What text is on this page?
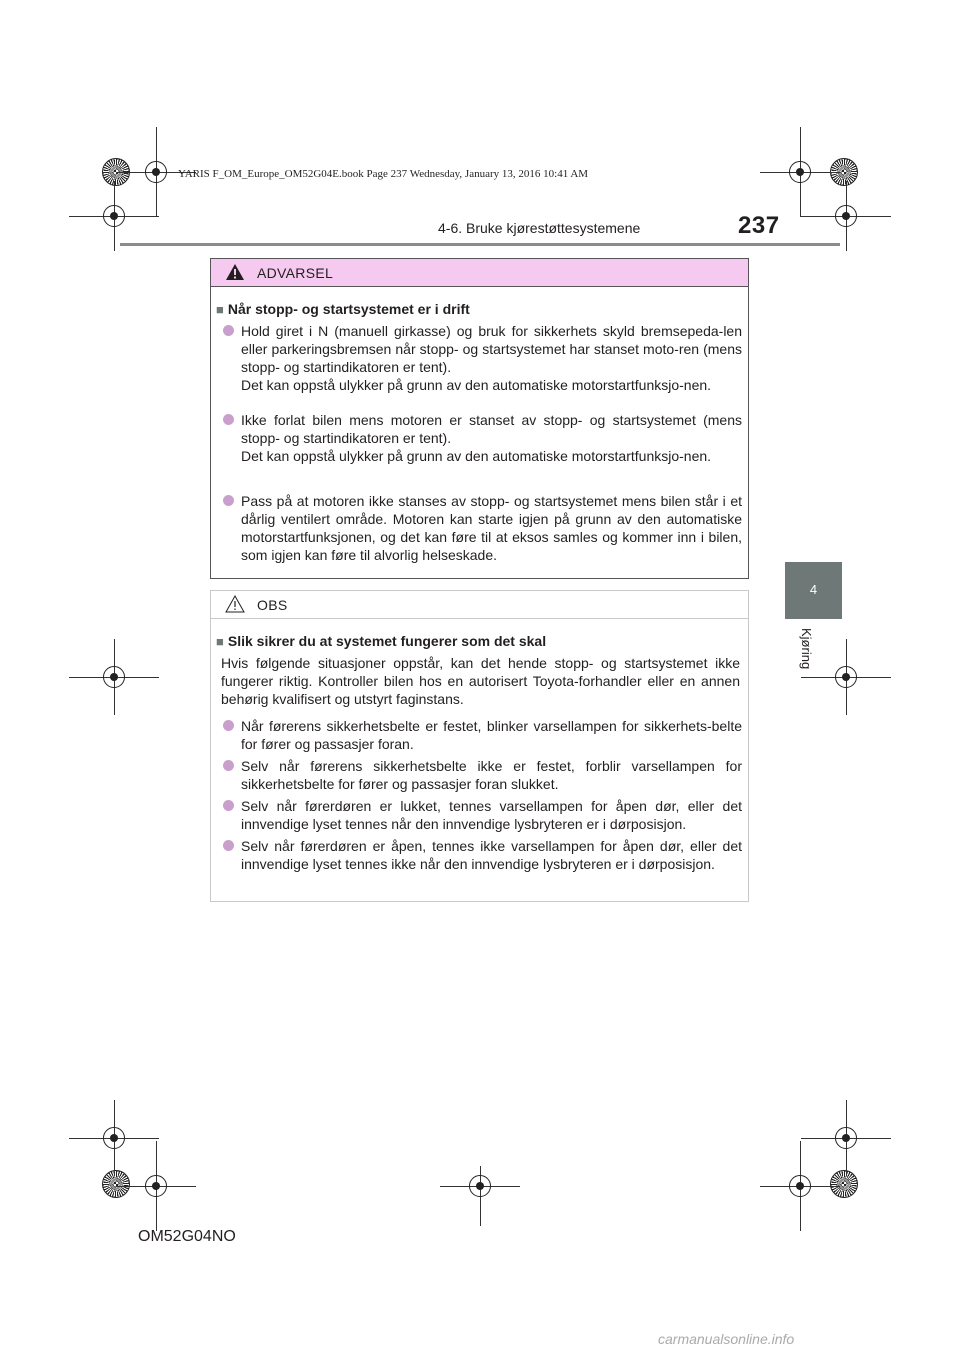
YARIS F_OM_Europe_OM52G04E.book Page 237 Wednesday, January 13, 2016 10:41 AM
4-6. Bruke kjørestøttesystemene	237
4
Kjøring
ADVARSEL
■ Når stopp- og startsystemet er i drift
Hold giret i N (manuell girkasse) og bruk for sikkerhets skyld bremsepeda-len eller parkeringsbremsen når stopp- og startsystemet har stanset moto-ren (mens stopp- og startindikatoren er tent).
Det kan oppstå ulykker på grunn av den automatiske motorstartfunksjo-nen.
Ikke forlat bilen mens motoren er stanset av stopp- og startsystemet (mens stopp- og startindikatoren er tent).
Det kan oppstå ulykker på grunn av den automatiske motorstartfunksjo-nen.
Pass på at motoren ikke stanses av stopp- og startsystemet mens bilen står i et dårlig ventilert område. Motoren kan starte igjen på grunn av den automatiske motorstartfunksjonen, og det kan føre til at eksos samles og kommer inn i bilen, som igjen kan føre til alvorlig helseskade.
OBS
■ Slik sikrer du at systemet fungerer som det skal
Hvis følgende situasjoner oppstår, kan det hende stopp- og startsystemet ikke fungerer riktig. Kontroller bilen hos en autorisert Toyota-forhandler eller en annen behørig kvalifisert og utstyrt faginstans.
Når førerens sikkerhetsbelte er festet, blinker varsellampen for sikkerhets-belte for fører og passasjer foran.
Selv når førerens sikkerhetsbelte ikke er festet, forblir varsellampen for sikkerhetsbelte for fører og passasjer foran slukket.
Selv når førerdøren er lukket, tennes varsellampen for åpen dør, eller det innvendige lyset tennes når den innvendige lysbryteren er i dørposisjon.
Selv når førerdøren er åpen, tennes ikke varsellampen for åpen dør, eller det innvendige lyset tennes ikke når den innvendige lysbryteren er i dørposisjon.
OM52G04NO
carmanualsonline.info
